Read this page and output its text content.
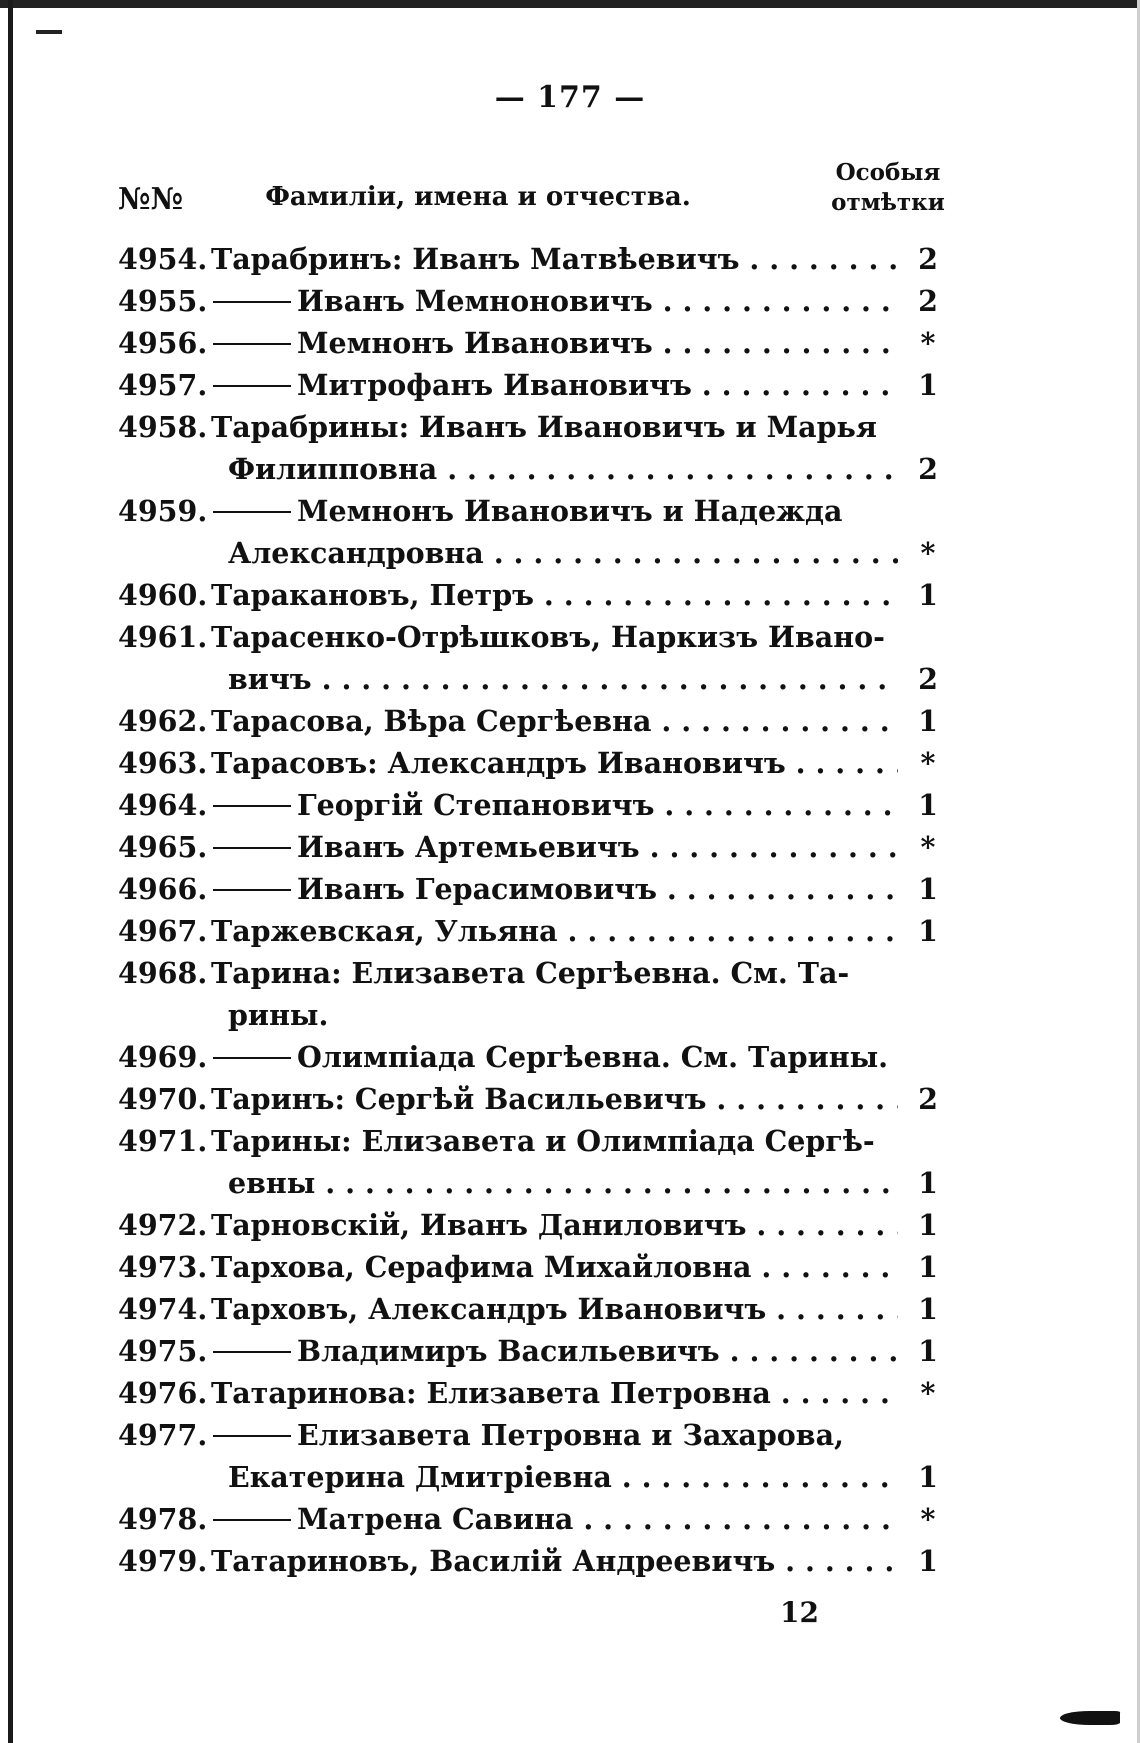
— 177 —
№№	Фамиліи, имена и отчества.
Особыя
отмѣтки
4954. Тарабринъ: Иванъ Матвѣевичъ . . .	2
4955.	Иванъ Мемноновичъ . . .	2
4956.	Мемнонъ Ивановичъ . . .	*
4957.	Митрофанъ Ивановичъ . . .	1
4958. Тарабрины: Иванъ Ивановичъ и Марья
Филипповна . . .	2
4959.	Мемнонъ Ивановичъ и Надежда
Александровна . . .	*
4960. Таракановъ, Петръ . . .	1
4961. Тарасенко-Отрѣшковъ, Наркизъ Ивано-
вичъ . . .	2
4962. Тарасова, Вѣра Сергѣевна . . .	1
4963. Тарасовъ: Александръ Ивановичъ . . .	*
4964.	Георгій Степановичъ . . .	1
4965.	Иванъ Артемьевичъ . . .	*
4966.	Иванъ Герасимовичъ . . .	1
4967. Таржевская, Ульяна . . .	1
4968. Тарина: Елизавета Сергѣевна. См. Та-
рины.
4969.	Олимпіада Сергѣевна. См. Тарины.
4970. Таринъ: Сергѣй Васильевичъ . . .	2
4971. Тарины: Елизавета и Олимпіада Сергѣ-
евны . . .	1
4972. Тарновскій, Иванъ Даниловичъ . . .	1
4973. Тархова, Серафима Михайловна . . .	1
4974. Тарховъ, Александръ Ивановичъ . . .	1
4975.	Владимиръ Васильевичъ . . .	1
4976. Татаринова: Елизавета Петровна . . .	*
4977.	Елизавета Петровна и Захарова,
Екатерина Дмитріевна . . .	1
4978.	Матрена Савина . . .	*
4979. Татариновъ, Василій Андреевичъ . . .	1
12
